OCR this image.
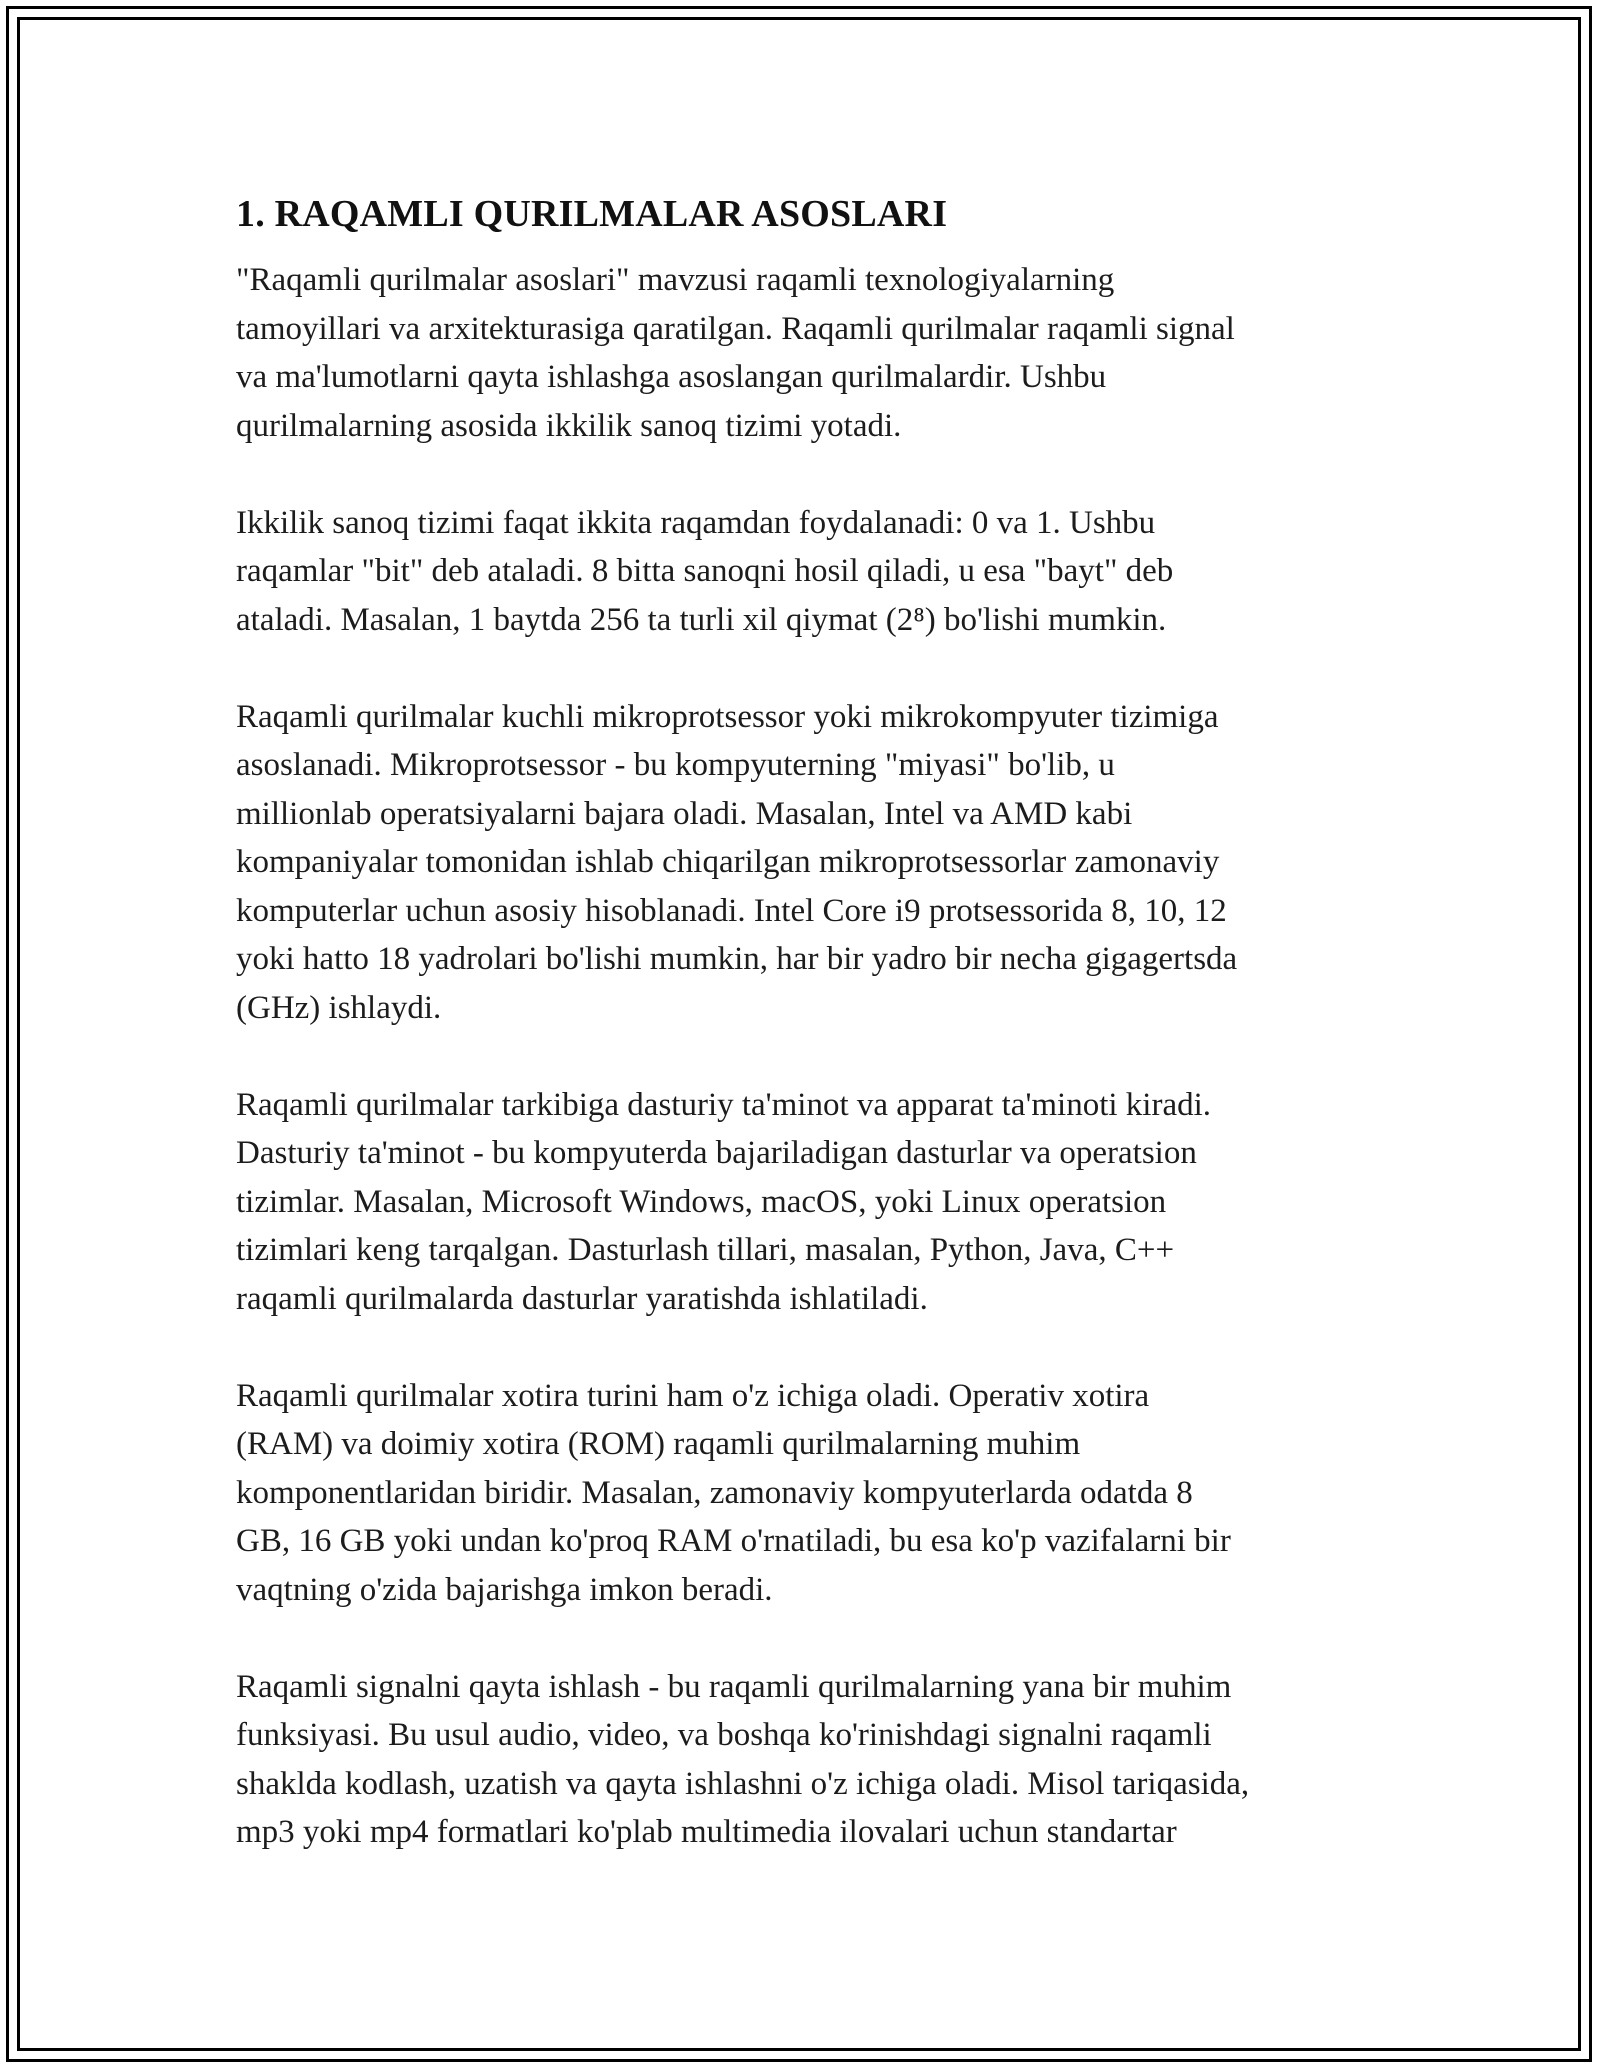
1. RAQAMLI QURILMALAR ASOSLARI

"Raqamli qurilmalar asoslari" mavzusi raqamli texnologiyalarning
tamoyillari va arxitekturasiga qaratilgan. Raqamli qurilmalar raqamli signal
va ma'lumotlarni qayta ishlashga asoslangan qurilmalardir. Ushbu
qurilmalarning asosida ikkilik sanoq tizimi yotadi.

Ikkilik sanoq tizimi faqat ikkita raqamdan foydalanadi: 0 va 1. Ushbu
raqamlar "bit" deb ataladi. 8 bitta sanoqni hosil qiladi, u esa "bayt" deb
ataladi. Masalan, 1 baytda 256 ta turli xil qiymat (2⁸) bo'lishi mumkin.

Raqamli qurilmalar kuchli mikroprotsessor yoki mikrokompyuter tizimiga
asoslanadi. Mikroprotsessor - bu kompyuterning "miyasi" bo'lib, u
millionlab operatsiyalarni bajara oladi. Masalan, Intel va AMD kabi
kompaniyalar tomonidan ishlab chiqarilgan mikroprotsessorlar zamonaviy
komputerlar uchun asosiy hisoblanadi. Intel Core i9 protsessorida 8, 10, 12
yoki hatto 18 yadrolari bo'lishi mumkin, har bir yadro bir necha gigagertsda
(GHz) ishlaydi.

Raqamli qurilmalar tarkibiga dasturiy ta'minot va apparat ta'minoti kiradi.
Dasturiy ta'minot - bu kompyuterda bajariladigan dasturlar va operatsion
tizimlar. Masalan, Microsoft Windows, macOS, yoki Linux operatsion
tizimlari keng tarqalgan. Dasturlash tillari, masalan, Python, Java, C++
raqamli qurilmalarda dasturlar yaratishda ishlatiladi.

Raqamli qurilmalar xotira turini ham o'z ichiga oladi. Operativ xotira
(RAM) va doimiy xotira (ROM) raqamli qurilmalarning muhim
komponentlaridan biridir. Masalan, zamonaviy kompyuterlarda odatda 8
GB, 16 GB yoki undan ko'proq RAM o'rnatiladi, bu esa ko'p vazifalarni bir
vaqtning o'zida bajarishga imkon beradi.

Raqamli signalni qayta ishlash - bu raqamli qurilmalarning yana bir muhim
funksiyasi. Bu usul audio, video, va boshqa ko'rinishdagi signalni raqamli
shaklda kodlash, uzatish va qayta ishlashni o'z ichiga oladi. Misol tariqasida,
mp3 yoki mp4 formatlari ko'plab multimedia ilovalari uchun standartar
